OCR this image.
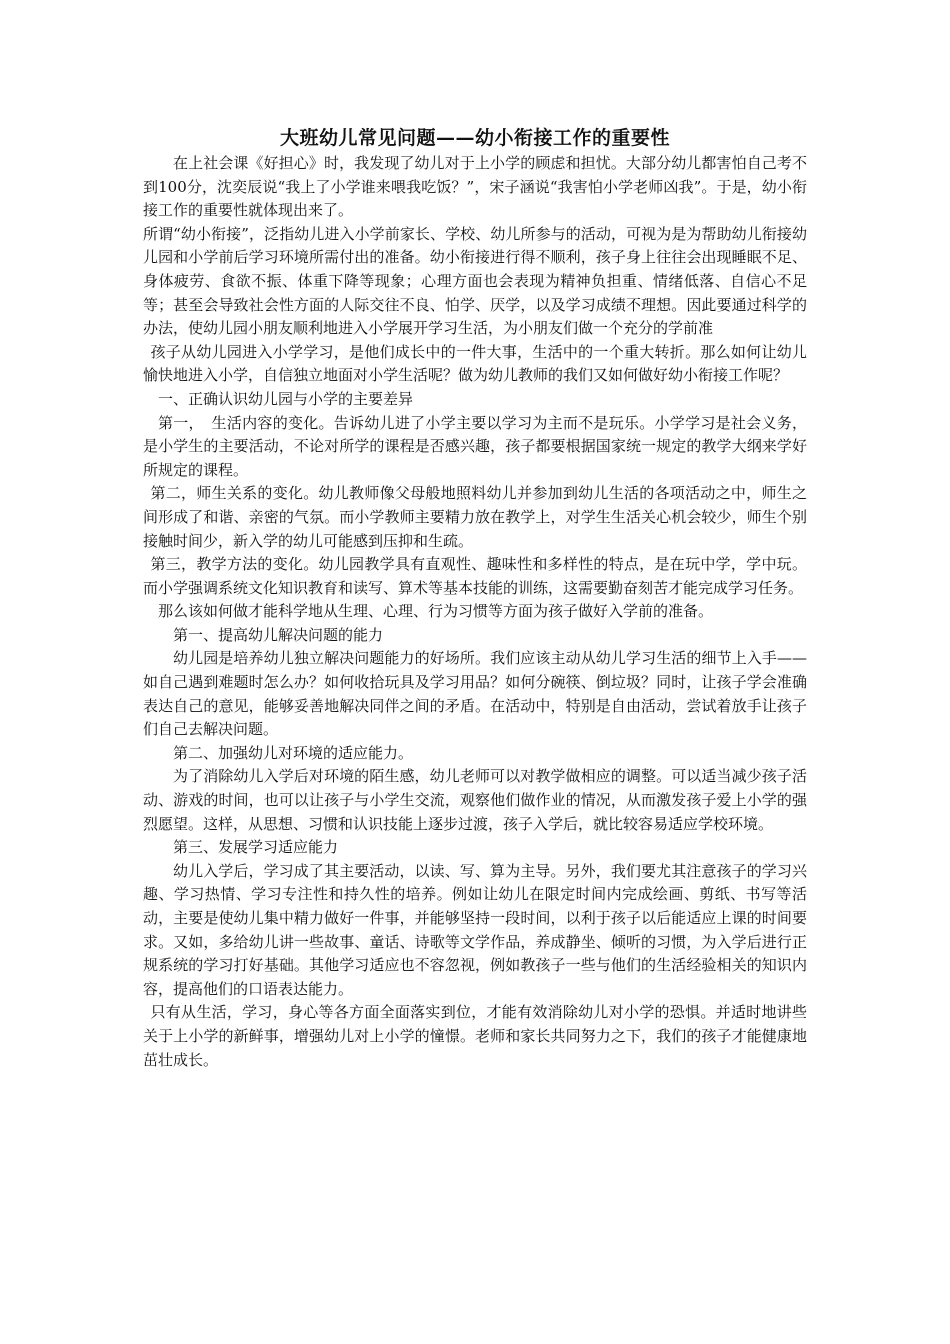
大班幼儿常见问题——幼小衔接工作的重要性

在上社会课《好担心》时，我发现了幼儿对于上小学的顾虑和担忧。大部分幼儿都害怕自己考不到100分，沈奕辰说“我上了小学谁来喂我吃饭？”，宋子涵说“我害怕小学老师凶我”。于是，幼小衔接工作的重要性就体现出来了。

所谓“幼小衔接”，泛指幼儿进入小学前家长、学校、幼儿所参与的活动，可视为是为帮助幼儿衔接幼儿园和小学前后学习环境所需付出的准备。幼小衔接进行得不顺利，孩子身上往往会出现睡眠不足、身体疲劳、食欲不振、体重下降等现象；心理方面也会表现为精神负担重、情绪低落、自信心不足等；甚至会导致社会性方面的人际交往不良、怕学、厌学，以及学习成绩不理想。因此要通过科学的办法，使幼儿园小朋友顺利地进入小学展开学习生活，为小朋友们做一个充分的学前准

孩子从幼儿园进入小学学习，是他们成长中的一件大事，生活中的一个重大转折。那么如何让幼儿愉快地进入小学，自信独立地面对小学生活呢？做为幼儿教师的我们又如何做好幼小衔接工作呢？

一、正确认识幼儿园与小学的主要差异

第一，　生活内容的变化。告诉幼儿进了小学主要以学习为主而不是玩乐。小学学习是社会义务，是小学生的主要活动，不论对所学的课程是否感兴趣，孩子都要根据国家统一规定的教学大纲来学好所规定的课程。

第二，师生关系的变化。幼儿教师像父母般地照料幼儿并参加到幼儿生活的各项活动之中，师生之间形成了和谐、亲密的气氛。而小学教师主要精力放在教学上，对学生生活关心机会较少，师生个别接触时间少，新入学的幼儿可能感到压抑和生疏。

第三，教学方法的变化。幼儿园教学具有直观性、趣味性和多样性的特点，是在玩中学，学中玩。而小学强调系统文化知识教育和读写、算术等基本技能的训练，这需要勤奋刻苦才能完成学习任务。

那么该如何做才能科学地从生理、心理、行为习惯等方面为孩子做好入学前的准备。

第一、提高幼儿解决问题的能力

幼儿园是培养幼儿独立解决问题能力的好场所。我们应该主动从幼儿学习生活的细节上入手——如自己遇到难题时怎么办？如何收拾玩具及学习用品？如何分碗筷、倒垃圾？同时，让孩子学会准确表达自己的意见，能够妥善地解决同伴之间的矛盾。在活动中，特别是自由活动，尝试着放手让孩子们自己去解决问题。

第二、加强幼儿对环境的适应能力。

为了消除幼儿入学后对环境的陌生感，幼儿老师可以对教学做相应的调整。可以适当减少孩子活动、游戏的时间，也可以让孩子与小学生交流，观察他们做作业的情况，从而激发孩子爱上小学的强烈愿望。这样，从思想、习惯和认识技能上逐步过渡，孩子入学后，就比较容易适应学校环境。

第三、发展学习适应能力

幼儿入学后，学习成了其主要活动，以读、写、算为主导。另外，我们要尤其注意孩子的学习兴趣、学习热情、学习专注性和持久性的培养。例如让幼儿在限定时间内完成绘画、剪纸、书写等活动，主要是使幼儿集中精力做好一件事，并能够坚持一段时间，以利于孩子以后能适应上课的时间要求。又如，多给幼儿讲一些故事、童话、诗歌等文学作品，养成静坐、倾听的习惯，为入学后进行正规系统的学习打好基础。其他学习适应也不容忽视，例如教孩子一些与他们的生活经验相关的知识内容，提高他们的口语表达能力。

只有从生活，学习，身心等各方面全面落实到位，才能有效消除幼儿对小学的恐惧。并适时地讲些关于上小学的新鲜事，增强幼儿对上小学的憧憬。老师和家长共同努力之下，我们的孩子才能健康地茁壮成长。
